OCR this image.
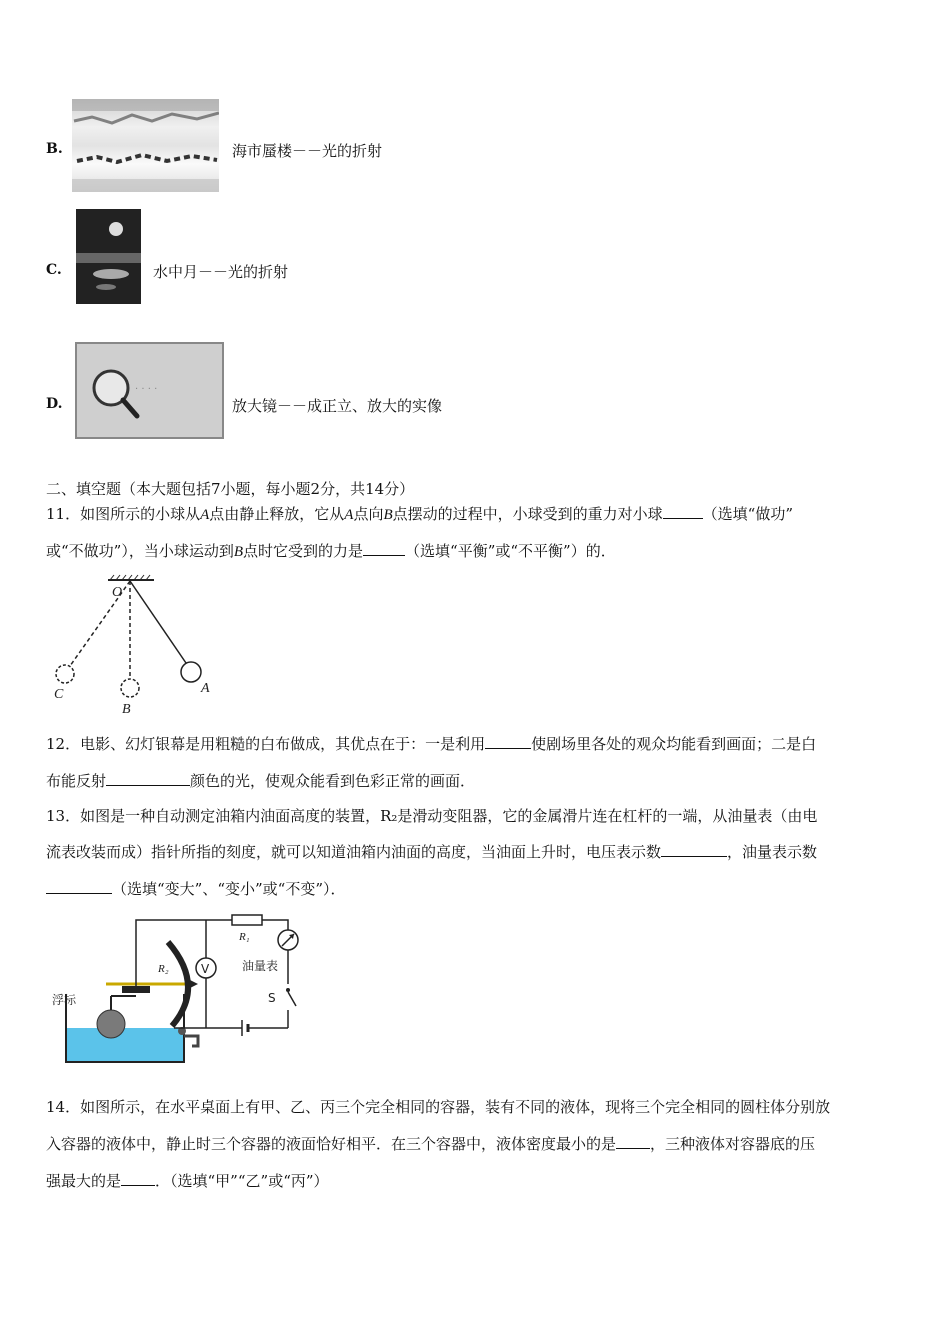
B.	海市蜃楼－－光的折射
C.	水中月－－光的折射
D.
· · · ·
放大镜－－成正立、放大的实像
二、填空题（本大题包括7小题，每小题2分，共14分）
11．如图所示的小球从A点由静止释放，它从A点向B点摆动的过程中，小球受到的重力对小球	（选填“做功”
或“不做功”），当小球运动到B点时它受到的力是	（选填“平衡”或“不平衡”）的．
O
A
B
C
12．电影、幻灯银幕是用粗糙的白布做成，其优点在于：一是利用	使剧场里各处的观众均能看到画面；二是白
布能反射	颜色的光，使观众能看到色彩正常的画面．
13．如图是一种自动测定油箱内油面高度的装置，R₂是滑动变阻器，它的金属滑片连在杠杆的一端，从油量表（由电
流表改装而成）指针所指的刻度，就可以知道油箱内油面的高度，当油面上升时，电压表示数	，油量表示数
（选填“变大”、“变小”或“不变”）．
V
R₁
油量表
S
R₂
浮标
14．如图所示，在水平桌面上有甲、乙、丙三个完全相同的容器，装有不同的液体，现将三个完全相同的圆柱体分别放
入容器的液体中，静止时三个容器的液面恰好相平．在三个容器中，液体密度最小的是 ，三种液体对容器底的压
强最大的是 ．（选填“甲”“乙”或“丙”）
